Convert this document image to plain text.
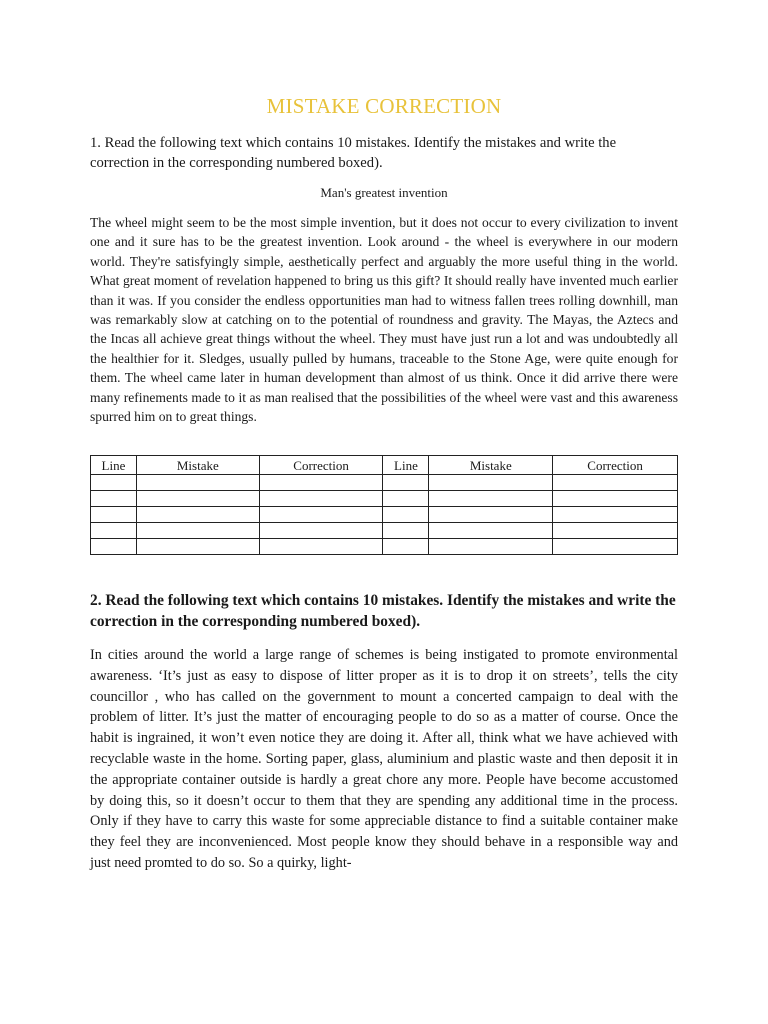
MISTAKE CORRECTION
1. Read the following text which contains 10 mistakes. Identify the mistakes and write the correction in the corresponding numbered boxed).
Man's greatest invention
The wheel might seem to be the most simple invention, but it does not occur to every civilization to invent one and it sure has to be the greatest invention. Look around - the wheel is everywhere in our modern world. They're satisfyingly simple, aesthetically perfect and arguably the more useful thing in the world. What great moment of revelation happened to bring us this gift? It should really have invented much earlier than it was. If you consider the endless opportunities man had to witness fallen trees rolling downhill, man was remarkably slow at catching on to the potential of roundness and gravity. The Mayas, the Aztecs and the Incas all achieve great things without the wheel. They must have just run a lot and was undoubtedly all the healthier for it. Sledges, usually pulled by humans, traceable to the Stone Age, were quite enough for them. The wheel came later in human development than almost of us think. Once it did arrive there were many refinements made to it as man realised that the possibilities of the wheel were vast and this awareness spurred him on to great things.
Line	Mistake	Correction	Line	Mistake	Correction

2. Read the following text which contains 10 mistakes. Identify the mistakes and write the correction in the corresponding numbered boxed).
In cities around the world a large range of schemes is being instigated to promote environmental awareness. ‘It’s just as easy to dispose of litter proper as it is to drop it on streets’, tells the city councillor , who has called on the government to mount a concerted campaign to deal with the problem of litter. It’s just the matter of encouraging people to do so as a matter of course. Once the habit is ingrained, it won’t even notice they are doing it. After all, think what we have achieved with recyclable waste in the home. Sorting paper, glass, aluminium and plastic waste and then deposit it in the appropriate container outside is hardly a great chore any more. People have become accustomed by doing this, so it doesn’t occur to them that they are spending any additional time in the process. Only if they have to carry this waste for some appreciable distance to find a suitable container make they feel they are inconvenienced. Most people know they should behave in a responsible way and just need promted to do so. So a quirky, light-
